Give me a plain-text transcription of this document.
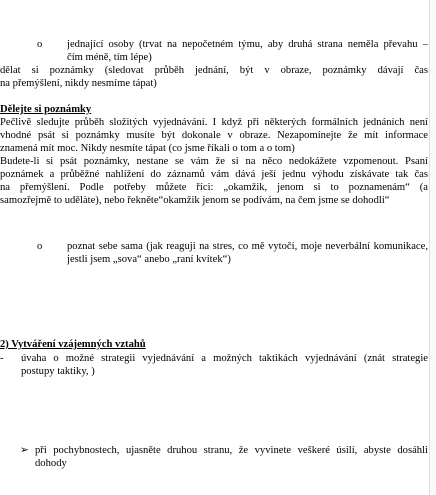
jednající osoby (trvat na nepočetném týmu, aby druhá strana neměla převahu –
o
čím méně, tím lépe)
dělat si poznámky (sledovat průběh jednání, být v obraze, poznámky dávají čas
na přemýšlení, nikdy nesmíme tápat)
Dělejte si poznámky
Pečlivě sledujte průběh složitých vyjednávání. I když při některých formálních jednáních není
vhodné psát si poznámky musíte být dokonale v obraze. Nezapomínejte že mít informace
znamená mít moc. Nikdy nesmíte tápat (co jsme říkali o tom a o tom)
Budete-li si psát poznámky, nestane se vám že si na něco nedokážete vzpomenout. Psaní
poznámek a průběžné nahlížení do záznamů vám dává ješí jednu výhodu získávate tak čas
na přemýšlení. Podle potřeby můžete říci: „okamžik, jenom si to poznamenám“ (a
samozřejmě to udělàte), nebo řekněte“okamžik jenom se podívám, na čem jsme se dohodli“
poznat sebe sama (jak reaguji na stres, co mě vytočí, moje neverbální komunikace,
o
jestli jsem „sova“ anebo „raní kvítek“)
2) Vytváření vzájemných vztahů
úvaha o možné strategii vyjednávání a možných taktikách vyjednávání (znát strategie
-
postupy taktiky, )
při pochybnostech, ujasněte druhou stranu, že vyvinete veškeré úsilí, abyste dosáhli
➢
dohody
